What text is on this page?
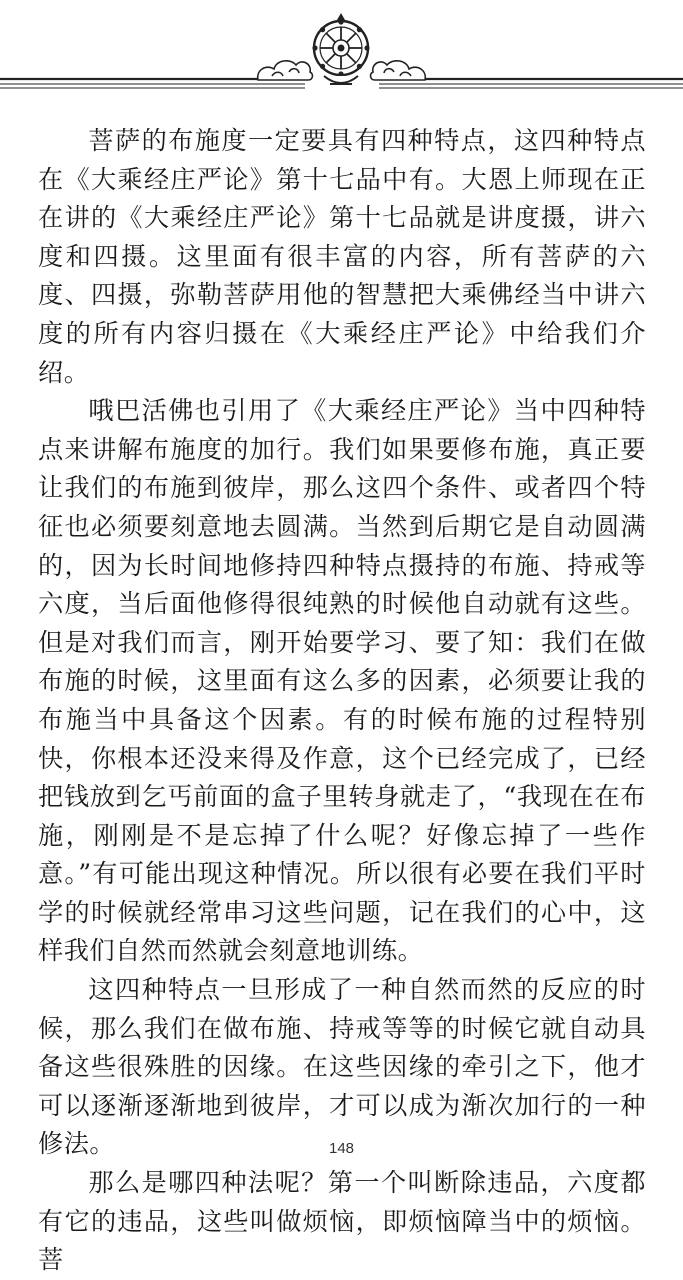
菩萨的布施度一定要具有四种特点，这四种特点在《大乘经庄严论》第十七品中有。大恩上师现在正在讲的《大乘经庄严论》第十七品就是讲度摄，讲六度和四摄。这里面有很丰富的内容，所有菩萨的六度、四摄，弥勒菩萨用他的智慧把大乘佛经当中讲六度的所有内容归摄在《大乘经庄严论》中给我们介绍。

哦巴活佛也引用了《大乘经庄严论》当中四种特点来讲解布施度的加行。我们如果要修布施，真正要让我们的布施到彼岸，那么这四个条件、或者四个特征也必须要刻意地去圆满。当然到后期它是自动圆满的，因为长时间地修持四种特点摄持的布施、持戒等六度，当后面他修得很纯熟的时候他自动就有这些。但是对我们而言，刚开始要学习、要了知：我们在做布施的时候，这里面有这么多的因素，必须要让我的布施当中具备这个因素。有的时候布施的过程特别快，你根本还没来得及作意，这个已经完成了，已经把钱放到乞丐前面的盒子里转身就走了，“我现在在布施，刚刚是不是忘掉了什么呢？好像忘掉了一些作意。”有可能出现这种情况。所以很有必要在我们平时学的时候就经常串习这些问题，记在我们的心中，这样我们自然而然就会刻意地训练。

这四种特点一旦形成了一种自然而然的反应的时候，那么我们在做布施、持戒等等的时候它就自动具备这些很殊胜的因缘。在这些因缘的牵引之下，他才可以逐渐逐渐地到彼岸，才可以成为渐次加行的一种修法。

那么是哪四种法呢？第一个叫断除违品，六度都有它的违品，这些叫做烦恼，即烦恼障当中的烦恼。菩

148
